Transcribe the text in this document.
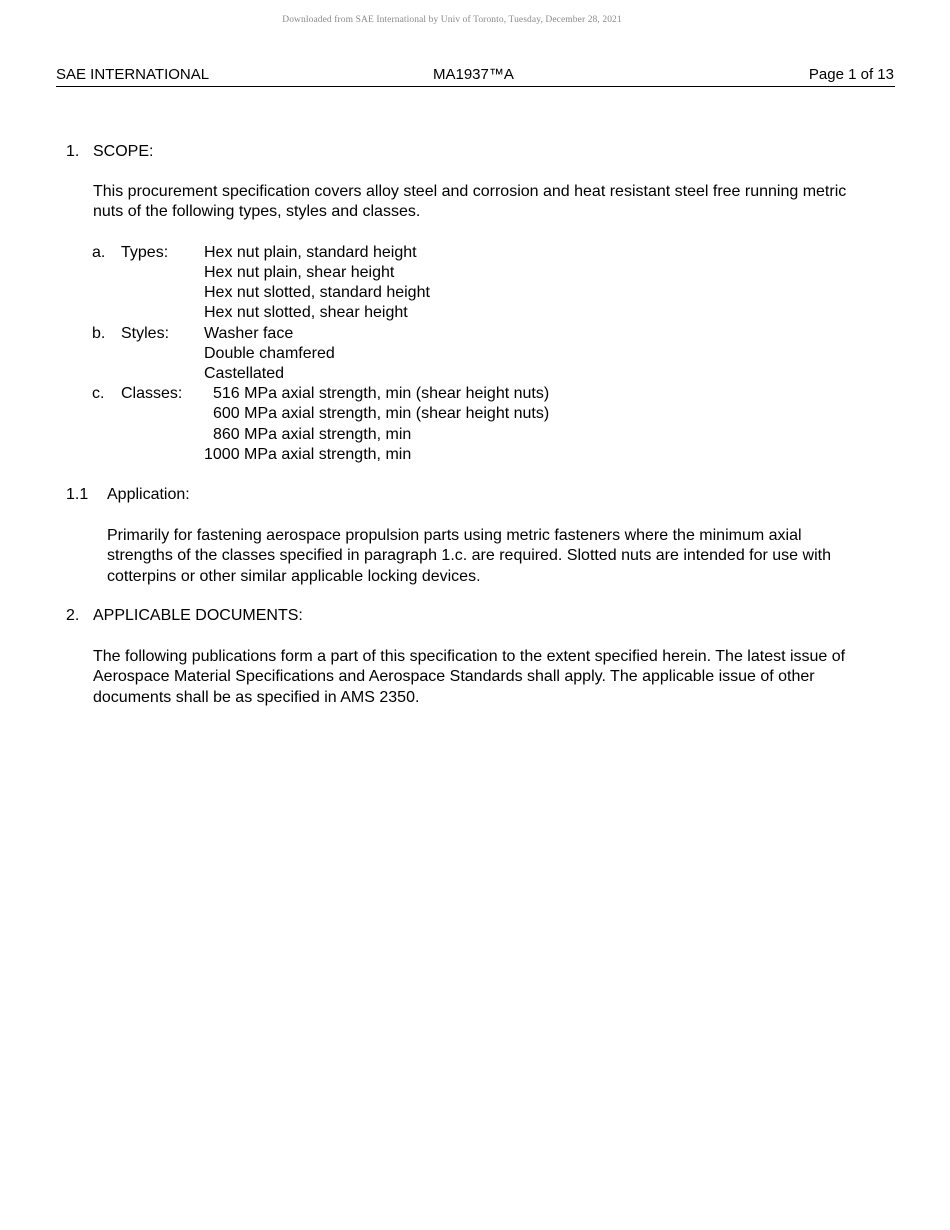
Downloaded from SAE International by Univ of Toronto, Tuesday, December 28, 2021
SAE INTERNATIONAL	MA1937™A	Page 1 of 13
1. SCOPE:
This procurement specification covers alloy steel and corrosion and heat resistant steel free running metric nuts of the following types, styles and classes.
a. Types: Hex nut plain, standard height
Hex nut plain, shear height
Hex nut slotted, standard height
Hex nut slotted, shear height
b. Styles: Washer face
Double chamfered
Castellated
c. Classes: 516 MPa axial strength, min (shear height nuts)
600 MPa axial strength, min (shear height nuts)
860 MPa axial strength, min
1000 MPa axial strength, min
1.1 Application:
Primarily for fastening aerospace propulsion parts using metric fasteners where the minimum axial strengths of the classes specified in paragraph 1.c. are required. Slotted nuts are intended for use with cotterpins or other similar applicable locking devices.
2. APPLICABLE DOCUMENTS:
The following publications form a part of this specification to the extent specified herein. The latest issue of Aerospace Material Specifications and Aerospace Standards shall apply. The applicable issue of other documents shall be as specified in AMS 2350.
